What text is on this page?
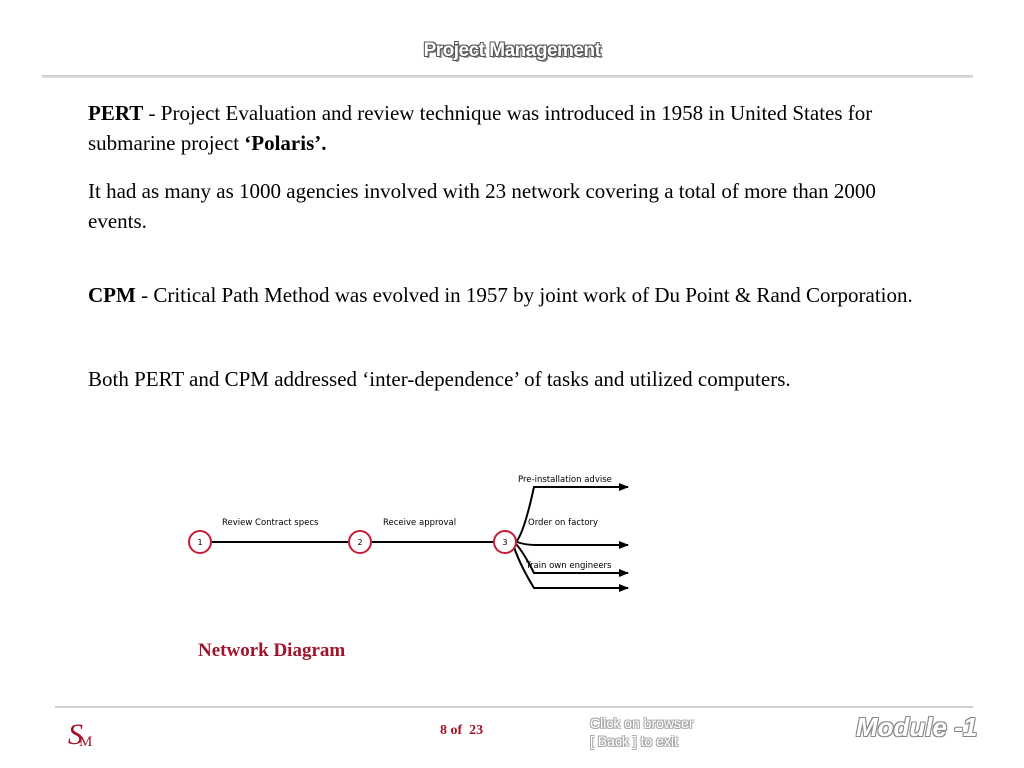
Project Management

PERT - Project Evaluation and review technique was introduced in 1958 in United States for submarine project ‘Polaris’.

It had as many as 1000 agencies involved with 23 network covering a total of more than 2000 events.

CPM - Critical Path Method was evolved in 1957 by joint work of Du Point & Rand Corporation.

Both PERT and CPM addressed ‘inter-dependence’ of tasks and utilized computers.

1	2	3
Review Contract specs	Receive approval
Pre-installation advise
Order on factory
Train own engineers
Network Diagram
SM
8 of 23	Click on browser
[ Back ] to exit	Module -1
